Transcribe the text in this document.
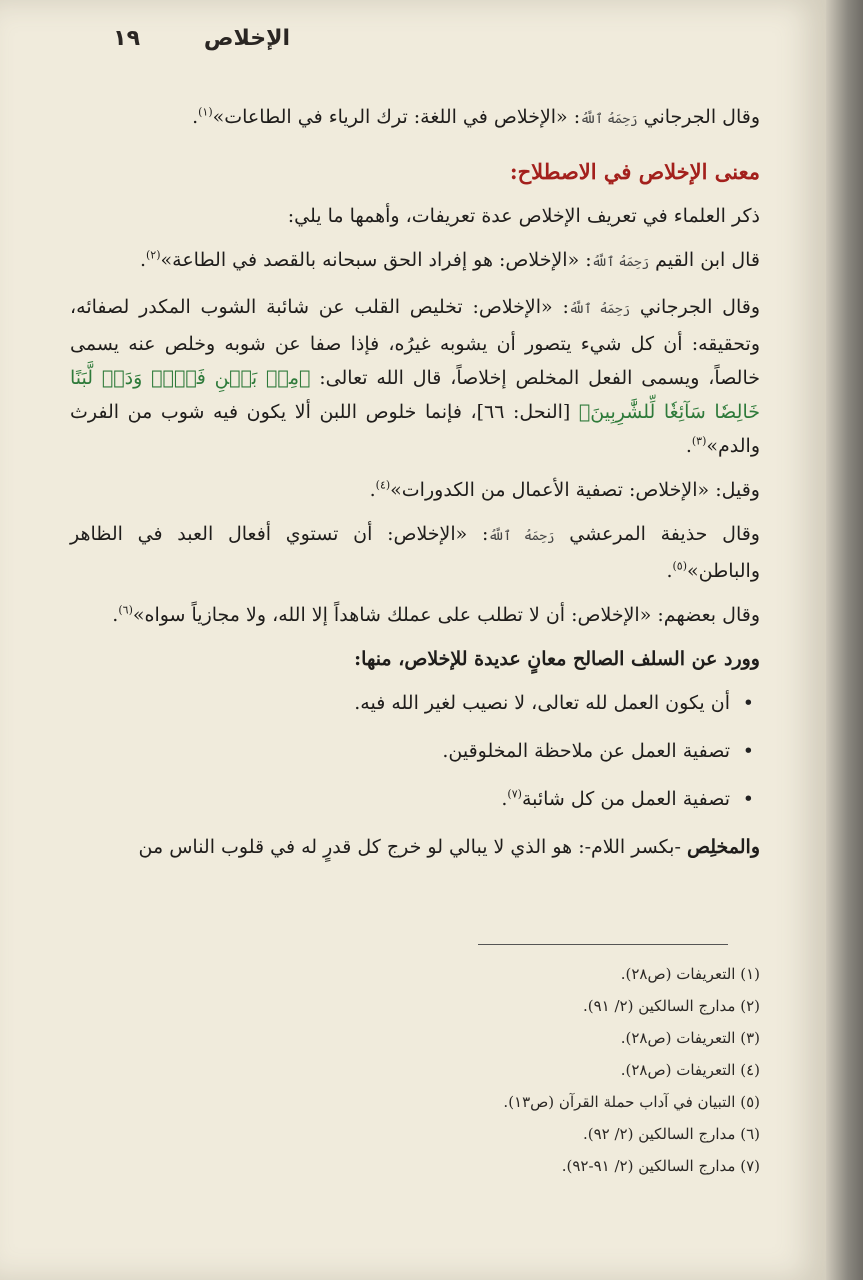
الإخلاص
١٩

وقال الجرجاني رَحِمَهُ ٱللَّهُ: «الإخلاص في اللغة: ترك الرياء في الطاعات»$^{(١)}$.

معنى الإخلاص في الاصطلاح:

ذكر العلماء في تعريف الإخلاص عدة تعريفات، وأهمها ما يلي:

قال ابن القيم رَحِمَهُ ٱللَّهُ: «الإخلاص: هو إفراد الحق سبحانه بالقصد في الطاعة»$^{(٢)}$.

وقال الجرجاني رَحِمَهُ ٱللَّهُ: «الإخلاص: تخليص القلب عن شائبة الشوب المكدر لصفائه، وتحقيقه: أن كل شيء يتصور أن يشوبه غيرُه، فإذا صفا عن شوبه وخلص عنه يسمى خالصاً، ويسمى الفعل المخلص إخلاصاً، قال الله تعالى: ﴿مِنۢ بَيۡنِ فَرۡثٖ وَدَمٖ لَّبَنًا خَالِصٗا سَآئِغٗا لِّلشَّٰرِبِينَ﴾ [النحل: ٦٦]، فإنما خلوص اللبن ألا يكون فيه شوب من الفرث والدم»$^{(٣)}$.

وقيل: «الإخلاص: تصفية الأعمال من الكدورات»$^{(٤)}$.

وقال حذيفة المرعشي رَحِمَهُ ٱللَّهُ: «الإخلاص: أن تستوي أفعال العبد في الظاهر والباطن»$^{(٥)}$.

وقال بعضهم: «الإخلاص: أن لا تطلب على عملك شاهداً إلا الله، ولا مجازياً سواه»$^{(٦)}$.

وورد عن السلف الصالح معانٍ عديدة للإخلاص، منها:

• أن يكون العمل لله تعالى، لا نصيب لغير الله فيه.
• تصفية العمل عن ملاحظة المخلوقين.
• تصفية العمل من كل شائبة$^{(٧)}$.

والمخلِص -بكسر اللام-: هو الذي لا يبالي لو خرج كل قدرٍ له في قلوب الناس من

(١) التعريفات (ص٢٨).
(٢) مدارج السالكين (٢/ ٩١).
(٣) التعريفات (ص٢٨).
(٤) التعريفات (ص٢٨).
(٥) التبيان في آداب حملة القرآن (ص١٣).
(٦) مدارج السالكين (٢/ ٩٢).
(٧) مدارج السالكين (٢/ ٩١-٩٢).
